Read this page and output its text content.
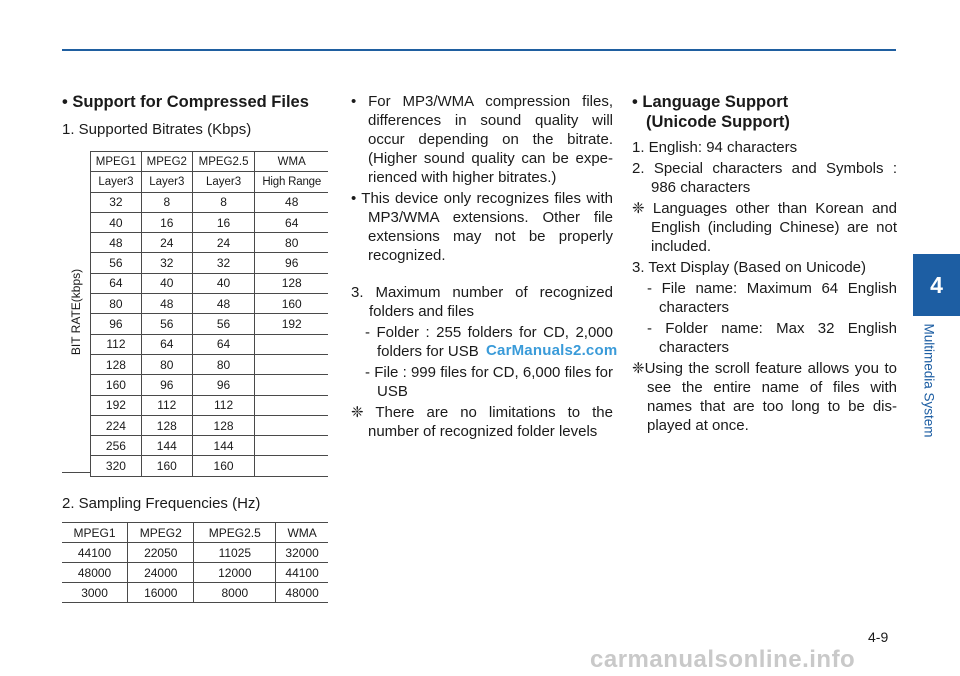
4
Multimedia System

• Support for Compressed Files

1. Supported Bitrates (Kbps)

BIT RATE(kbps)
MPEG1	MPEG2	MPEG2.5	WMA
Layer3	Layer3	Layer3	High Range
32	8	8	48
40	16	16	64
48	24	24	80
56	32	32	96
64	40	40	128
80	48	48	160
96	56	56	192
112	64	64	
128	80	80	
160	96	96	
192	112	112	
224	128	128	
256	144	144	
320	160	160	
2. Sampling Frequencies (Hz)
MPEG1	MPEG2	MPEG2.5	WMA
44100	22050	11025	32000
48000	24000	12000	44100
3000	16000	8000	48000

• For MP3/WMA compression files, differences in sound quality will occur depending on the bitrate. (Higher sound quality can be expe-rienced with higher bitrates.)

• This device only recognizes files with MP3/WMA extensions. Other file extensions may not be properly recognized.

3. Maximum number of recognized folders and files

- Folder : 255 folders for CD, 2,000 folders for USB

- File : 999 files for CD, 6,000 files for USB

❈ There are no limitations to the number of recognized folder levels

• Language Support

(Unicode Support)

1. English: 94 characters

2. Special characters and Symbols : 986 characters

❈ Languages other than Korean and English (including Chinese) are not included.

3. Text Display (Based on Unicode)

- File name: Maximum 64 English characters

- Folder name: Max 32 English characters

❈Using the scroll feature allows you to see the entire name of files with names that are too long to be dis-played at once.

CarManuals2.com
4-9
carmanualsonline.info
